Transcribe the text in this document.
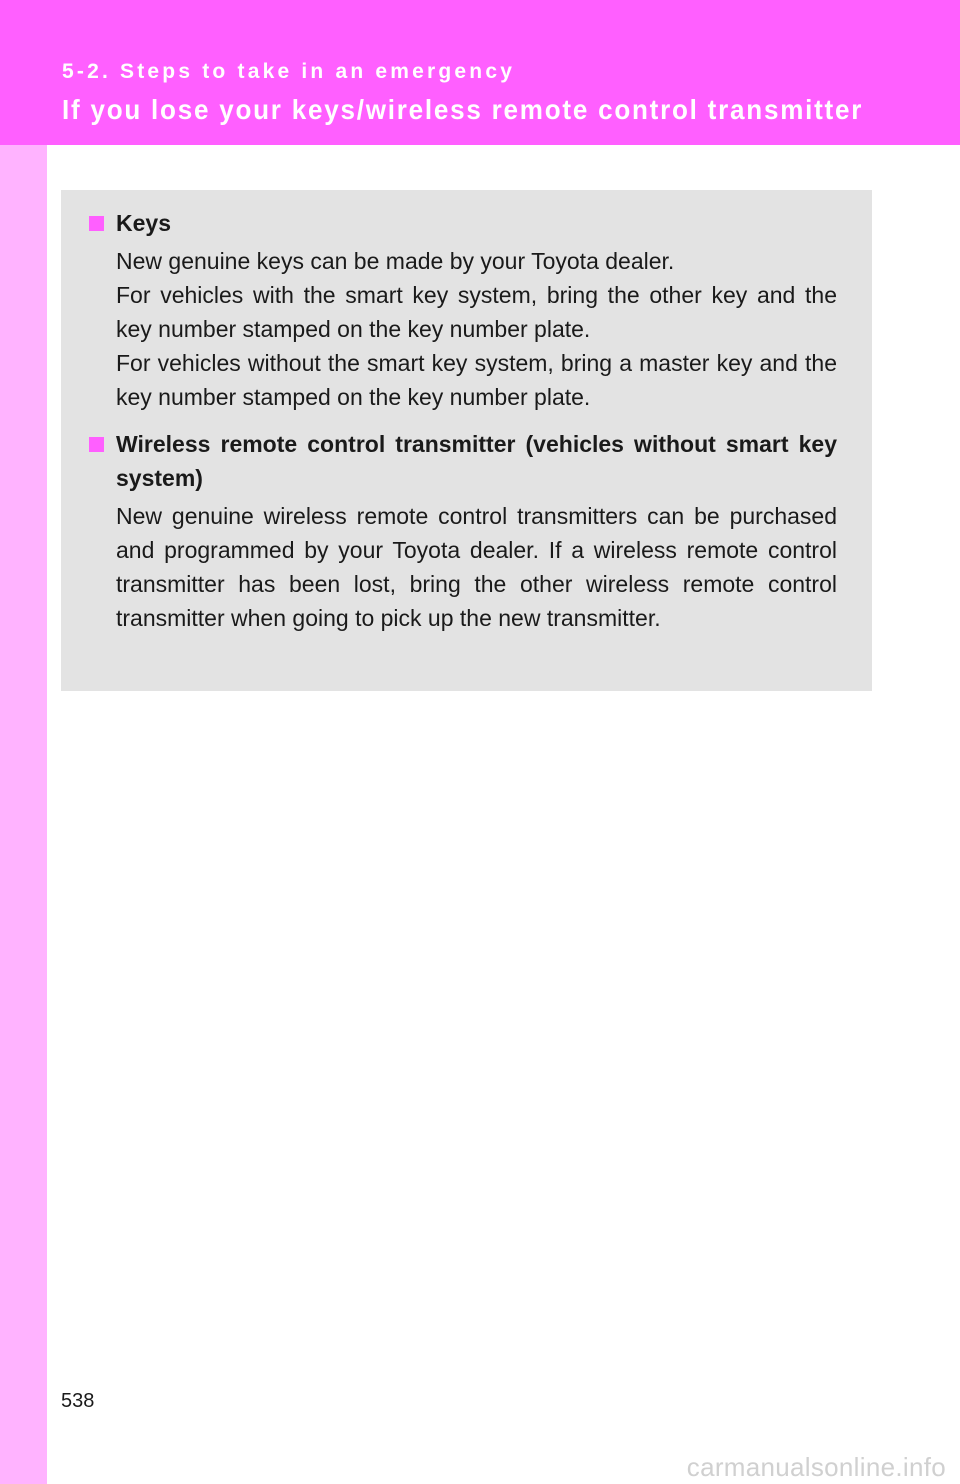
5-2. Steps to take in an emergency
If you lose your keys/wireless remote control transmitter
Keys

New genuine keys can be made by your Toyota dealer.

For vehicles with the smart key system, bring the other key and the key number stamped on the key number plate.

For vehicles without the smart key system, bring a master key and the key number stamped on the key number plate.

Wireless remote control transmitter (vehicles without smart key system)

New genuine wireless remote control transmitters can be purchased and programmed by your Toyota dealer. If a wireless remote control transmitter has been lost, bring the other wireless remote control transmitter when going to pick up the new transmitter.

538
carmanualsonline.info
